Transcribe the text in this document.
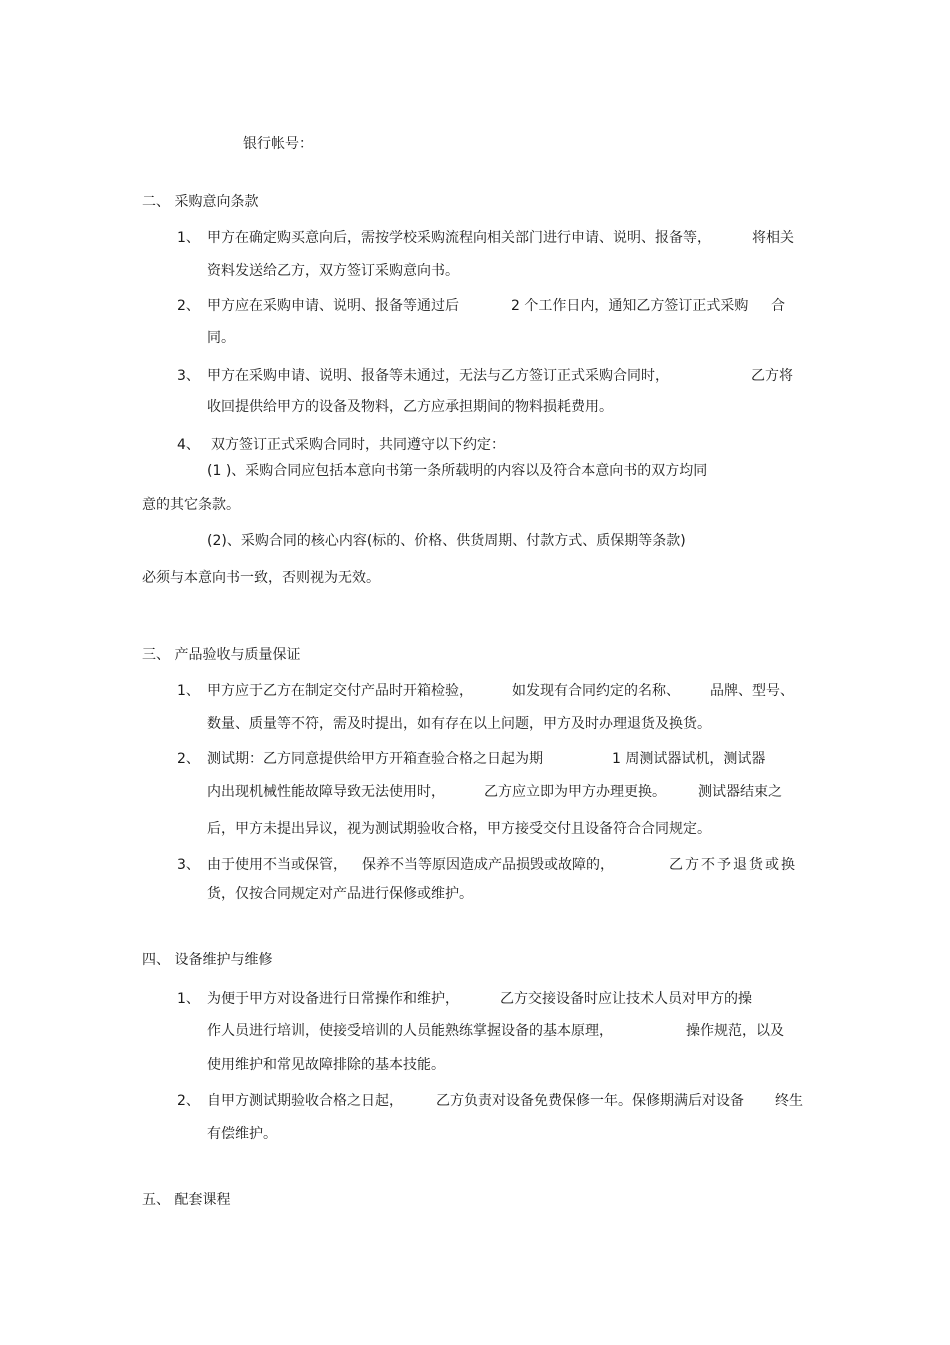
银行帐号：
二、 采购意向条款
1、 甲方在确定购买意向后，需按学校采购流程向相关部门进行申请、说明、报备等，	将相关
资料发送给乙方，双方签订采购意向书。
2、 甲方应在采购申请、说明、报备等通过后	2 个工作日内，通知乙方签订正式采购 合
同。
3、 甲方在采购申请、说明、报备等未通过，无法与乙方签订正式采购合同时，	乙方将
收回提供给甲方的设备及物料，乙方应承担期间的物料损耗费用。
4、 双方签订正式采购合同时，共同遵守以下约定：
(1 )、采购合同应包括本意向书第一条所载明的内容以及符合本意向书的双方均同
意的其它条款。
(2)、采购合同的核心内容(标的、价格、供货周期、付款方式、质保期等条款)
必须与本意向书一致，否则视为无效。
三、 产品验收与质量保证
1、 甲方应于乙方在制定交付产品时开箱检验，	如发现有合同约定的名称、 品牌、型号、
数量、质量等不符，需及时提出，如有存在以上问题，甲方及时办理退货及换货。
2、 测试期：乙方同意提供给甲方开箱查验合格之日起为期	1 周测试器试机，测试器
内出现机械性能故障导致无法使用时，	乙方应立即为甲方办理更换。 测试器结束之
后，甲方未提出异议，视为测试期验收合格，甲方接受交付且设备符合合同规定。
3、 由于使用不当或保管， 保养不当等原因造成产品损毁或故障的，	乙方不予退货或换
货，仅按合同规定对产品进行保修或维护。
四、 设备维护与维修
1、 为便于甲方对设备进行日常操作和维护，	乙方交接设备时应让技术人员对甲方的操
作人员进行培训，使接受培训的人员能熟练掌握设备的基本原理，	操作规范，以及
使用维护和常见故障排除的基本技能。
2、 自甲方测试期验收合格之日起， 乙方负责对设备免费保修一年。保修期满后对设备 终生
有偿维护。
五、 配套课程
